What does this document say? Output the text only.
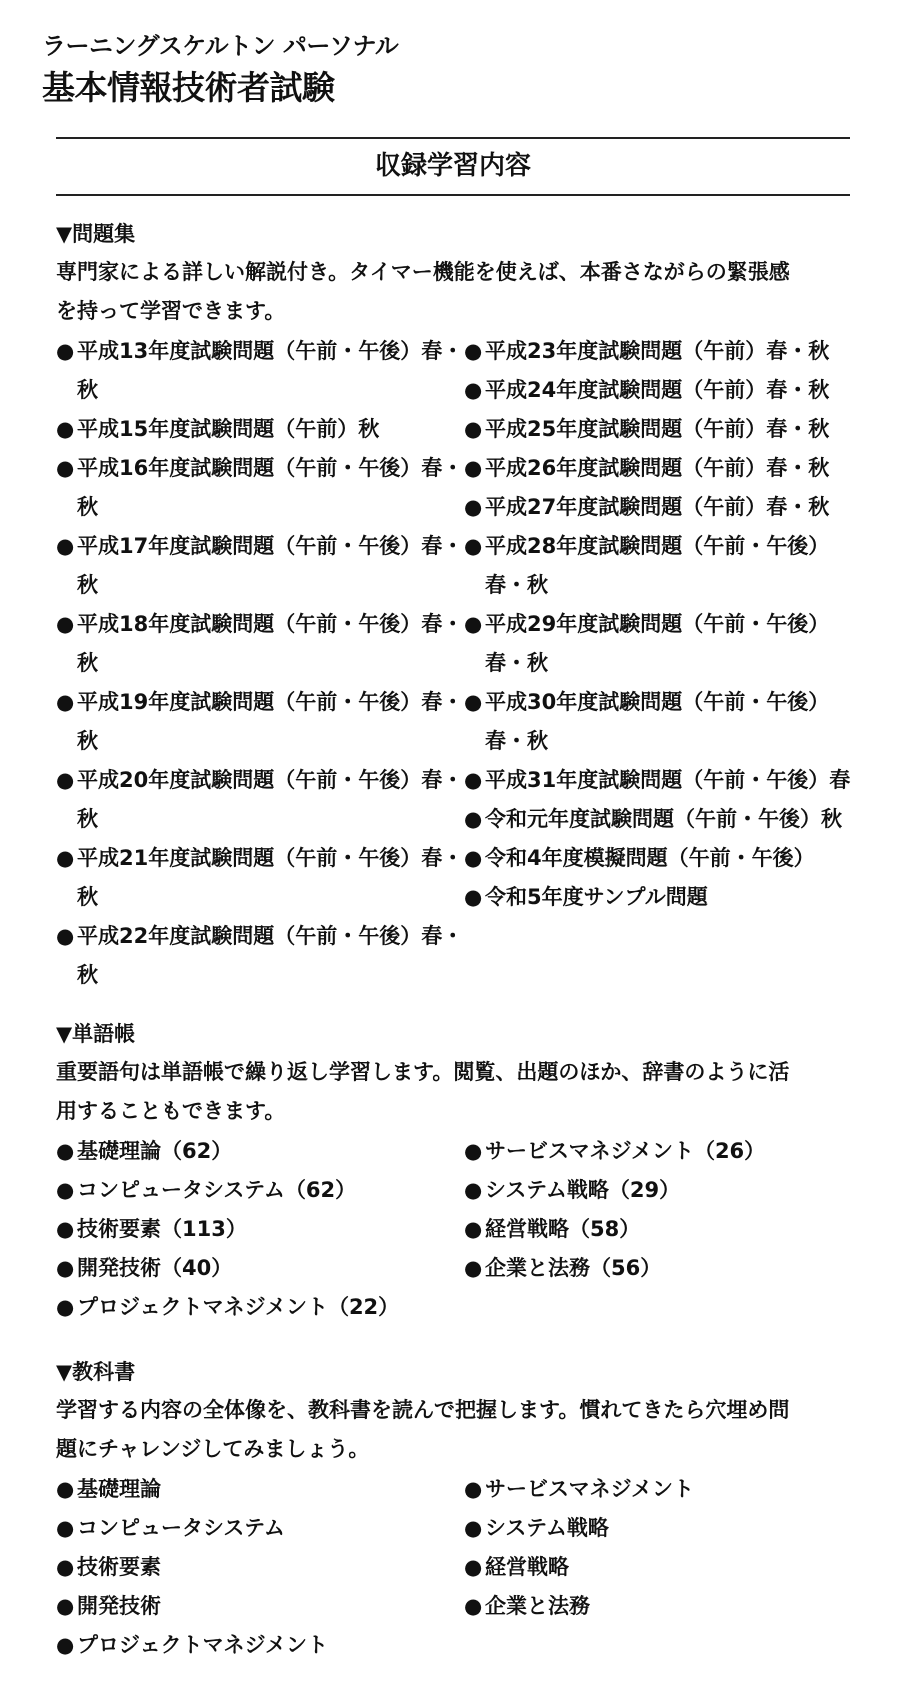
ラーニングスケルトン パーソナル

基本情報技術者試験
収録学習内容

▼問題集

専門家による詳しい解説付き。タイマー機能を使えば、本番さながらの緊張感

を持って学習できます。

● 平成13年度試験問題（午前・午後）春・秋
● 平成15年度試験問題（午前）秋
● 平成16年度試験問題（午前・午後）春・秋
● 平成17年度試験問題（午前・午後）春・秋
● 平成18年度試験問題（午前・午後）春・秋
● 平成19年度試験問題（午前・午後）春・秋
● 平成20年度試験問題（午前・午後）春・秋
● 平成21年度試験問題（午前・午後）春・秋
● 平成22年度試験問題（午前・午後）春・秋
● 平成23年度試験問題（午前）春・秋
● 平成24年度試験問題（午前）春・秋
● 平成25年度試験問題（午前）春・秋
● 平成26年度試験問題（午前）春・秋
● 平成27年度試験問題（午前）春・秋
● 平成28年度試験問題（午前・午後）春・秋
● 平成29年度試験問題（午前・午後）春・秋
● 平成30年度試験問題（午前・午後）春・秋
● 平成31年度試験問題（午前・午後）春
● 令和元年度試験問題（午前・午後）秋
● 令和4年度模擬問題（午前・午後）
● 令和5年度サンプル問題

▼単語帳

重要語句は単語帳で繰り返し学習します。閲覧、出題のほか、辞書のように活

用することもできます。

● 基礎理論（62）
● コンピュータシステム（62）
● 技術要素（113）
● 開発技術（40）
● プロジェクトマネジメント（22）
● サービスマネジメント（26）
● システム戦略（29）
● 経営戦略（58）
● 企業と法務（56）

▼教科書

学習する内容の全体像を、教科書を読んで把握します。慣れてきたら穴埋め問

題にチャレンジしてみましょう。

● 基礎理論
● コンピュータシステム
● 技術要素
● 開発技術
● プロジェクトマネジメント
● サービスマネジメント
● システム戦略
● 経営戦略
● 企業と法務
